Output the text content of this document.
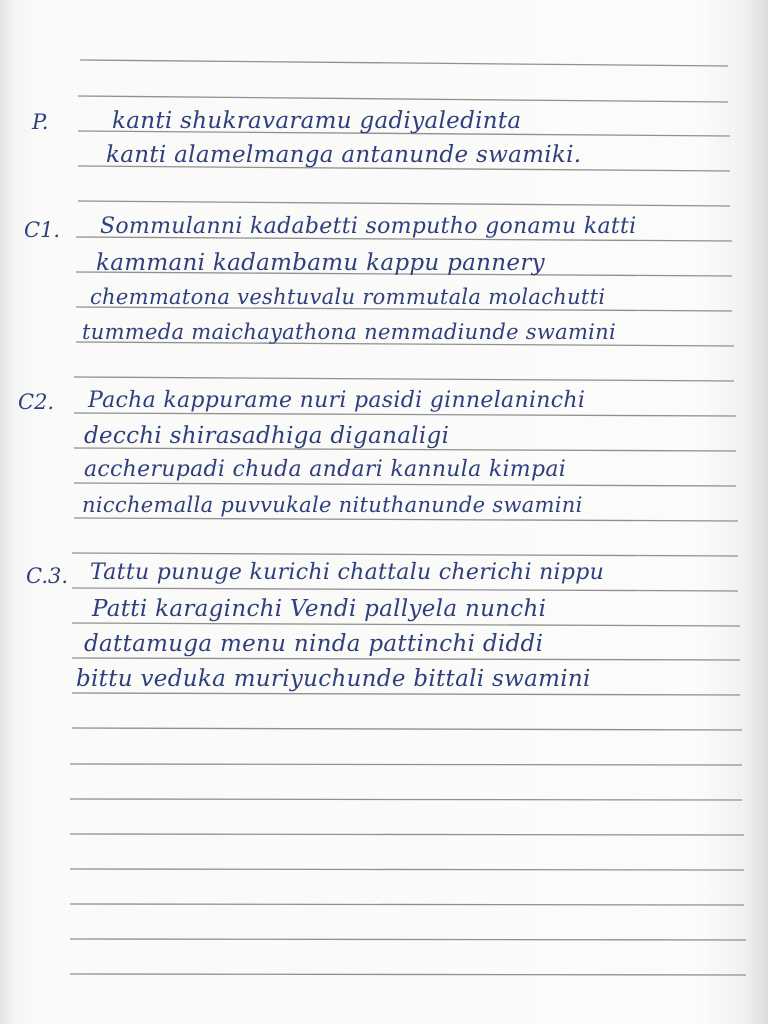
P.	kanti shukravaramu gadiyaledinta
kanti alamelmanga antanunde swamiki.
C1. Sommulanni kadabetti somputho gonamu katti
kammani kadambamu kappu pannery
chemmatona veshtuvalu rommutala molachutti
tummeda maichayathona nemmadiunde swamini
C2. Pacha kappurame nuri pasidi ginnelaninchi
decchi shirasadhiga diganaligi
accherupadi chuda andari kannula kimpai
nicchemalla puvvukale nituthanunde swamini
C.3. Tattu punuge kurichi chattalu cherichi nippu
Patti karaginchi Vendi pallyela nunchi
dattamuga menu ninda pattinchi diddi
bittu veduka muriyuchunde bittali swamini
